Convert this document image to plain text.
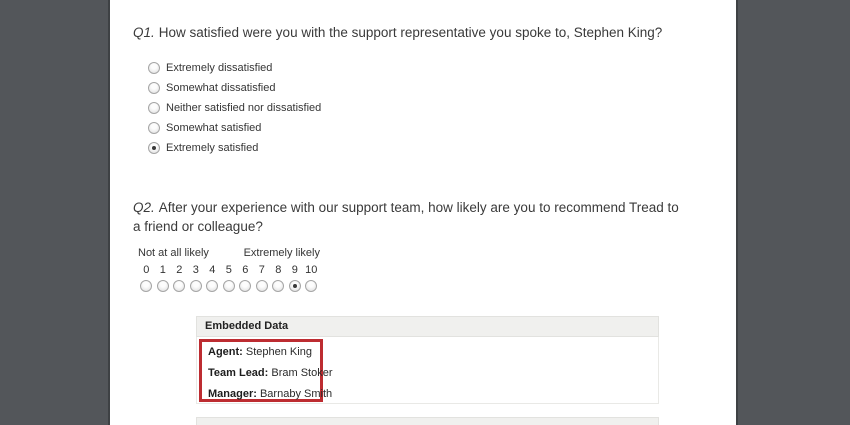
Q1. How satisfied were you with the support representative you spoke to, Stephen King?
Extremely dissatisfied
Somewhat dissatisfied
Neither satisfied nor dissatisfied
Somewhat satisfied
Extremely satisfied
Q2. After your experience with our support team, how likely are you to recommend Tread to a friend or colleague?
Not at all likely	Extremely likely
0 1 2 3 4 5 6 7 8 9 10
Embedded Data
Agent: Stephen King
Team Lead: Bram Stoker
Manager: Barnaby Smith
